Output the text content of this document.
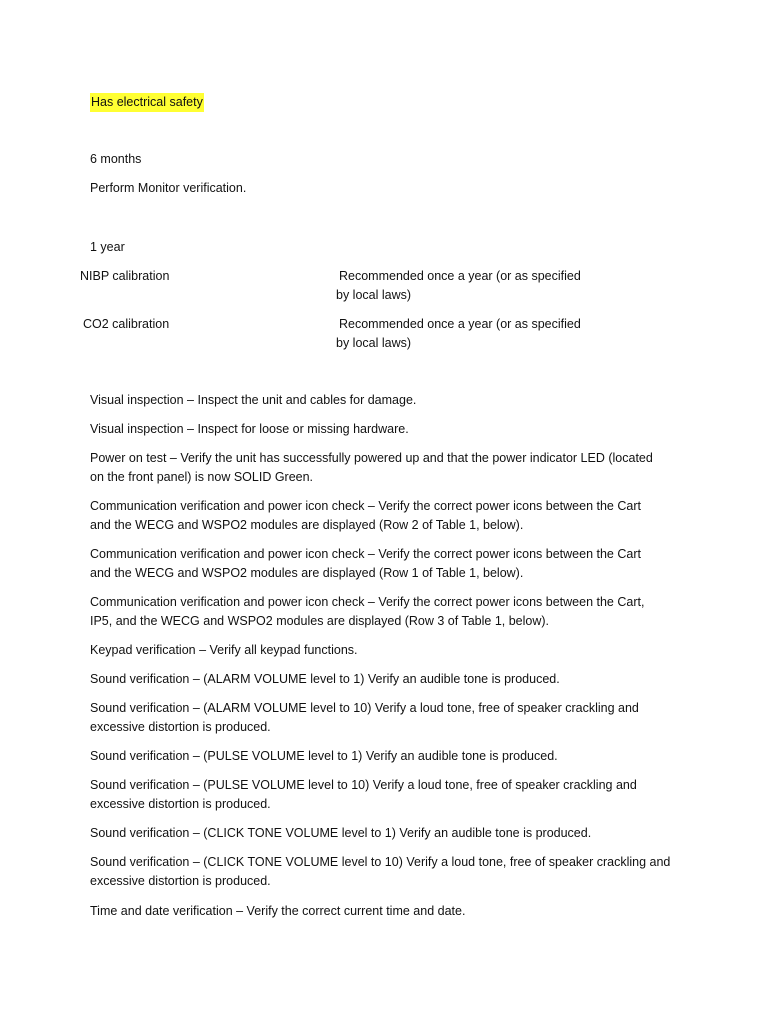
Has electrical safety
6 months
Perform Monitor verification.
1 year
NIBP calibration	Recommended once a year (or as specified
by local laws)
CO2 calibration	Recommended once a year (or as specified
by local laws)
Visual inspection – Inspect the unit and cables for damage.
Visual inspection – Inspect for loose or missing hardware.
Power on test – Verify the unit has successfully powered up and that the power indicator LED (located
on the front panel) is now SOLID Green.
Communication verification and power icon check – Verify the correct power icons between the Cart
and the WECG and WSPO2 modules are displayed (Row 2 of Table 1, below).
Communication verification and power icon check – Verify the correct power icons between the Cart
and the WECG and WSPO2 modules are displayed (Row 1 of Table 1, below).
Communication verification and power icon check – Verify the correct power icons between the Cart,
IP5, and the WECG and WSPO2 modules are displayed (Row 3 of Table 1, below).
Keypad verification – Verify all keypad functions.
Sound verification – (ALARM VOLUME level to 1) Verify an audible tone is produced.
Sound verification – (ALARM VOLUME level to 10) Verify a loud tone, free of speaker crackling and
excessive distortion is produced.
Sound verification – (PULSE VOLUME level to 1) Verify an audible tone is produced.
Sound verification – (PULSE VOLUME level to 10) Verify a loud tone, free of speaker crackling and
excessive distortion is produced.
Sound verification – (CLICK TONE VOLUME level to 1) Verify an audible tone is produced.
Sound verification – (CLICK TONE VOLUME level to 10) Verify a loud tone, free of speaker crackling and
excessive distortion is produced.
Time and date verification – Verify the correct current time and date.
